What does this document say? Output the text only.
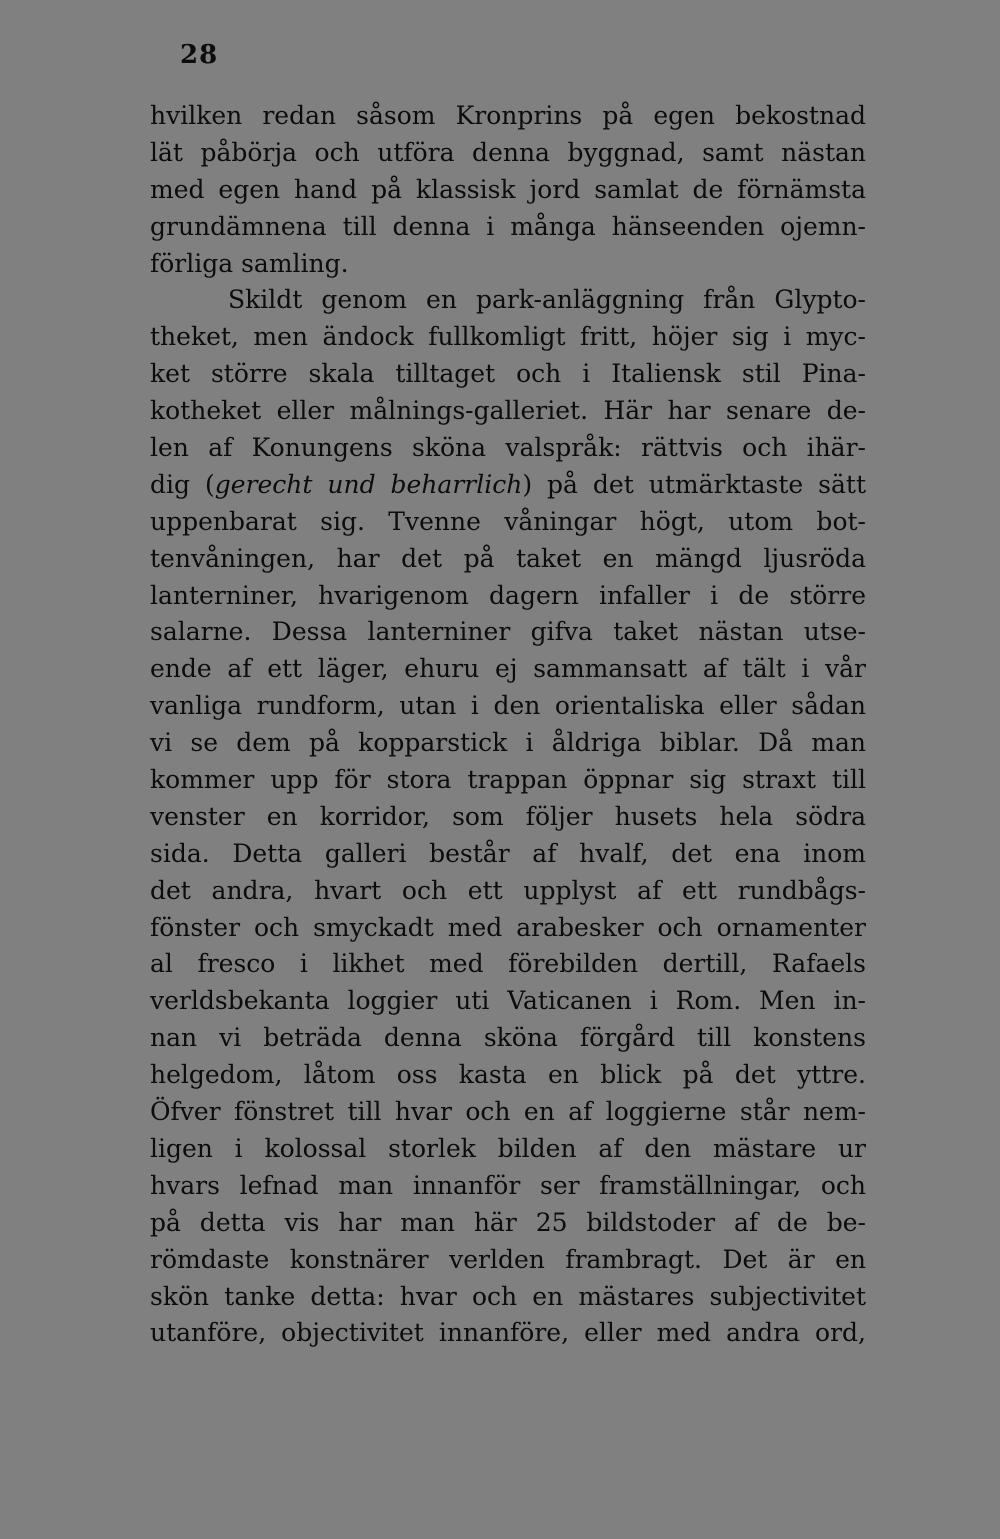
28
hvilken redan såsom Kronprins på egen bekostnad
lät påbörja och utföra denna byggnad, samt nästan
med egen hand på klassisk jord samlat de förnämsta
grundämnena till denna i många hänseenden ojemn-
förliga samling.
Skildt genom en park-anläggning från Glypto-
theket, men ändock fullkomligt fritt, höjer sig i myc-
ket större skala tilltaget och i Italiensk stil Pina-
kotheket eller målnings-galleriet. Här har senare de-
len af Konungens sköna valspråk: rättvis och ihär-
dig (gerecht und beharrlich) på det utmärktaste sätt
uppenbarat sig. Tvenne våningar högt, utom bot-
tenvåningen, har det på taket en mängd ljusröda
lanterniner, hvarigenom dagern infaller i de större
salarne. Dessa lanterniner gifva taket nästan utse-
ende af ett läger, ehuru ej sammansatt af tält i vår
vanliga rundform, utan i den orientaliska eller sådan
vi se dem på kopparstick i åldriga biblar. Då man
kommer upp för stora trappan öppnar sig straxt till
venster en korridor, som följer husets hela södra
sida. Detta galleri består af hvalf, det ena inom
det andra, hvart och ett upplyst af ett rundbågs-
fönster och smyckadt med arabesker och ornamenter
al fresco i likhet med förebilden dertill, Rafaels
verldsbekanta loggier uti Vaticanen i Rom. Men in-
nan vi beträda denna sköna förgård till konstens
helgedom, låtom oss kasta en blick på det yttre.
Öfver fönstret till hvar och en af loggierne står nem-
ligen i kolossal storlek bilden af den mästare ur
hvars lefnad man innanför ser framställningar, och
på detta vis har man här 25 bildstoder af de be-
römdaste konstnärer verlden frambragt. Det är en
skön tanke detta: hvar och en mästares subjectivitet
utanföre, objectivitet innanföre, eller med andra ord,
